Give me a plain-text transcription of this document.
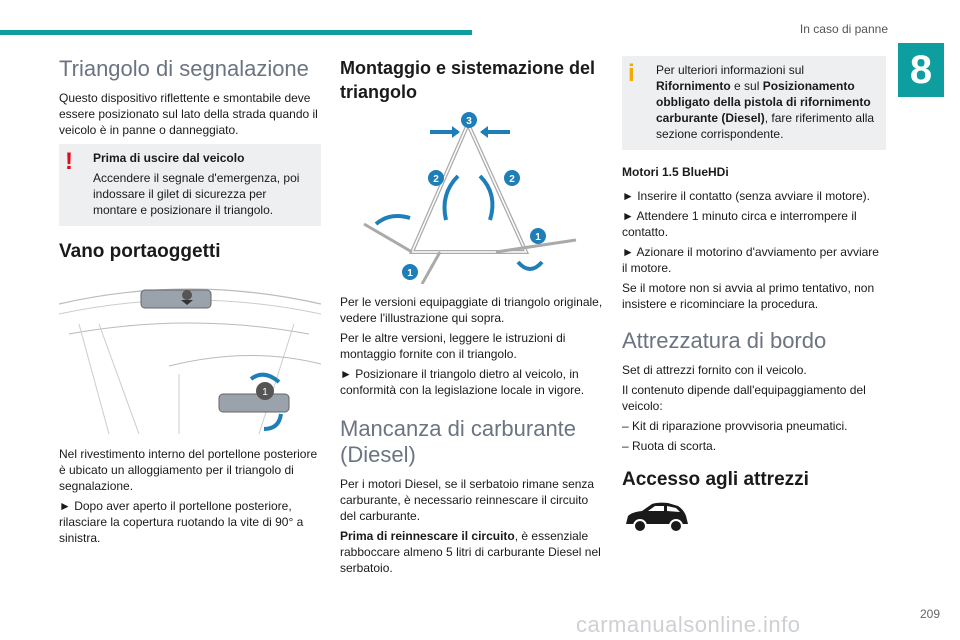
In caso di panne
8
Triangolo di segnalazione

Questo dispositivo riflettente e smontabile deve essere posizionato sul lato della strada quando il veicolo è in panne o danneggiato.

!	Prima di uscire dal veicolo

Accendere il segnale d'emergenza, poi indossare il gilet di sicurezza per montare e posizionare il triangolo.

Vano portaoggetti
1

Nel rivestimento interno del portellone posteriore è ubicato un alloggiamento per il triangolo di segnalazione.

► Dopo aver aperto il portellone posteriore, rilasciare la copertura ruotando la vite di 90° a sinistra.

Montaggio e sistemazione del triangolo
3
2	2
1
1

Per le versioni equipaggiate di triangolo originale, vedere l'illustrazione qui sopra.

Per le altre versioni, leggere le istruzioni di montaggio fornite con il triangolo.

► Posizionare il triangolo dietro al veicolo, in conformità con la legislazione locale in vigore.

Mancanza di carburante (Diesel)

Per i motori Diesel, se il serbatoio rimane senza carburante, è necessario reinnescare il circuito del carburante.

Prima di reinnescare il circuito, è essenziale rabboccare almeno 5 litri di carburante Diesel nel serbatoio.

i	Per ulteriori informazioni sul Rifornimento e sul Posizionamento obbligato della pistola di rifornimento carburante (Diesel), fare riferimento alla sezione corrispondente.

Motori 1.5 BlueHDi

► Inserire il contatto (senza avviare il motore).

► Attendere 1 minuto circa e interrompere il contatto.

► Azionare il motorino d'avviamento per avviare il motore.

Se il motore non si avvia al primo tentativo, non insistere e ricominciare la procedura.

Attrezzatura di bordo

Set di attrezzi fornito con il veicolo.

Il contenuto dipende dall'equipaggiamento del veicolo:

– Kit di riparazione provvisoria pneumatici.

– Ruota di scorta.

Accesso agli attrezzi
209
carmanualsonline.info
